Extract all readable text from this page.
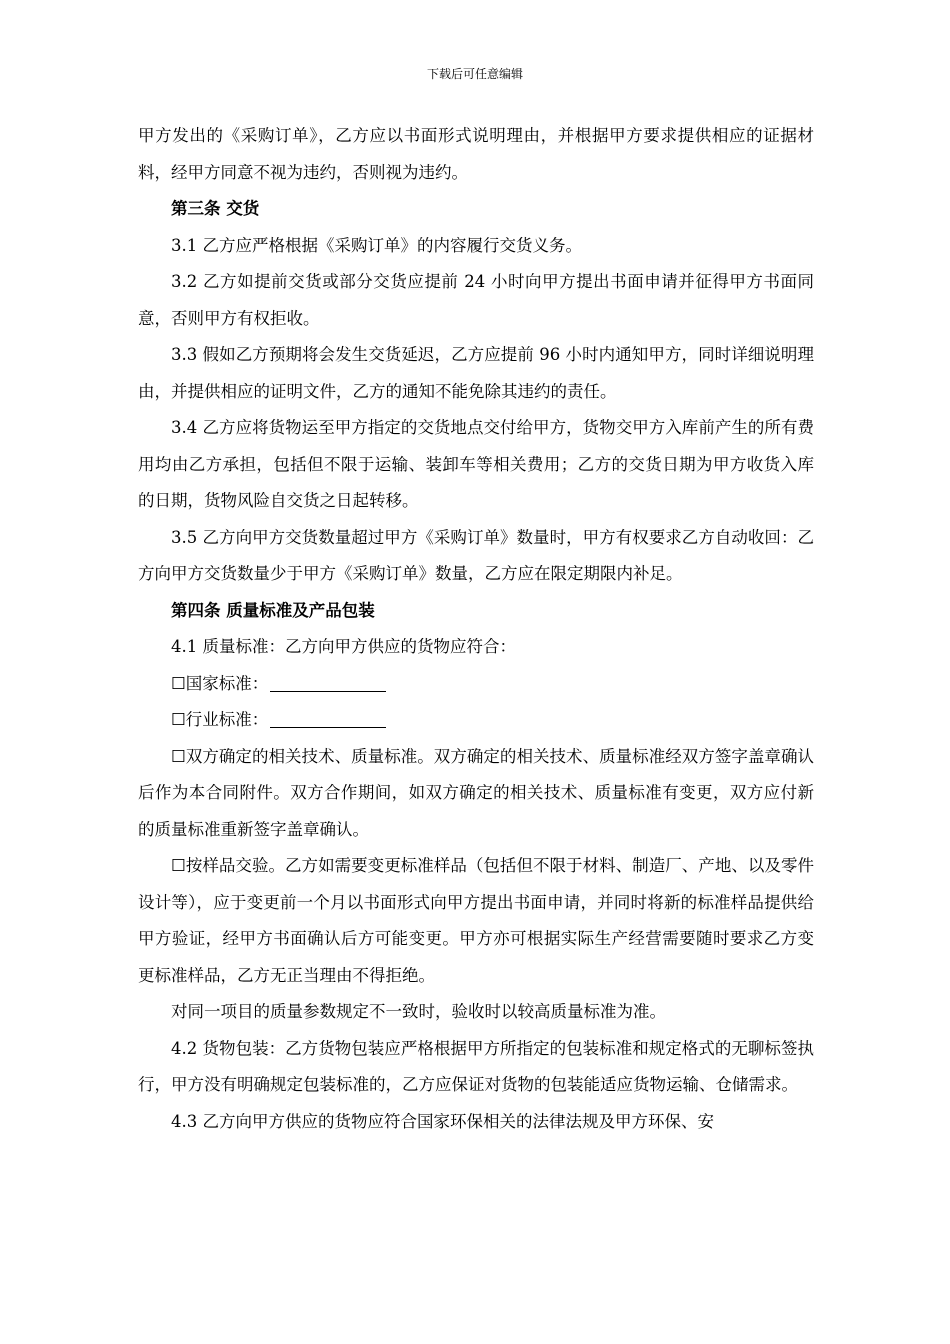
下载后可任意编辑

甲方发出的《采购订单》，乙方应以书面形式说明理由，并根据甲方要求提供相应的证据材料，经甲方同意不视为违约，否则视为违约。

第三条 交货

3.1 乙方应严格根据《采购订单》的内容履行交货义务。

3.2 乙方如提前交货或部分交货应提前 24 小时向甲方提出书面申请并征得甲方书面同意，否则甲方有权拒收。

3.3 假如乙方预期将会发生交货延迟，乙方应提前 96 小时内通知甲方，同时详细说明理由，并提供相应的证明文件，乙方的通知不能免除其违约的责任。

3.4 乙方应将货物运至甲方指定的交货地点交付给甲方，货物交甲方入库前产生的所有费用均由乙方承担，包括但不限于运输、装卸车等相关费用；乙方的交货日期为甲方收货入库的日期，货物风险自交货之日起转移。

3.5 乙方向甲方交货数量超过甲方《采购订单》数量时，甲方有权要求乙方自动收回：乙方向甲方交货数量少于甲方《采购订单》数量，乙方应在限定期限内补足。

第四条 质量标准及产品包装

4.1 质量标准：乙方向甲方供应的货物应符合：

☐国家标准：

☐行业标准：

☐双方确定的相关技术、质量标准。双方确定的相关技术、质量标准经双方签字盖章确认后作为本合同附件。双方合作期间，如双方确定的相关技术、质量标准有变更，双方应付新的质量标准重新签字盖章确认。

☐按样品交验。乙方如需要变更标准样品（包括但不限于材料、制造厂、产地、以及零件设计等），应于变更前一个月以书面形式向甲方提出书面申请，并同时将新的标准样品提供给甲方验证，经甲方书面确认后方可能变更。甲方亦可根据实际生产经营需要随时要求乙方变更标准样品，乙方无正当理由不得拒绝。

对同一项目的质量参数规定不一致时，验收时以较高质量标准为准。

4.2 货物包装：乙方货物包装应严格根据甲方所指定的包装标准和规定格式的无聊标签执行，甲方没有明确规定包装标准的，乙方应保证对货物的包装能适应货物运输、仓储需求。

4.3 乙方向甲方供应的货物应符合国家环保相关的法律法规及甲方环保、安
